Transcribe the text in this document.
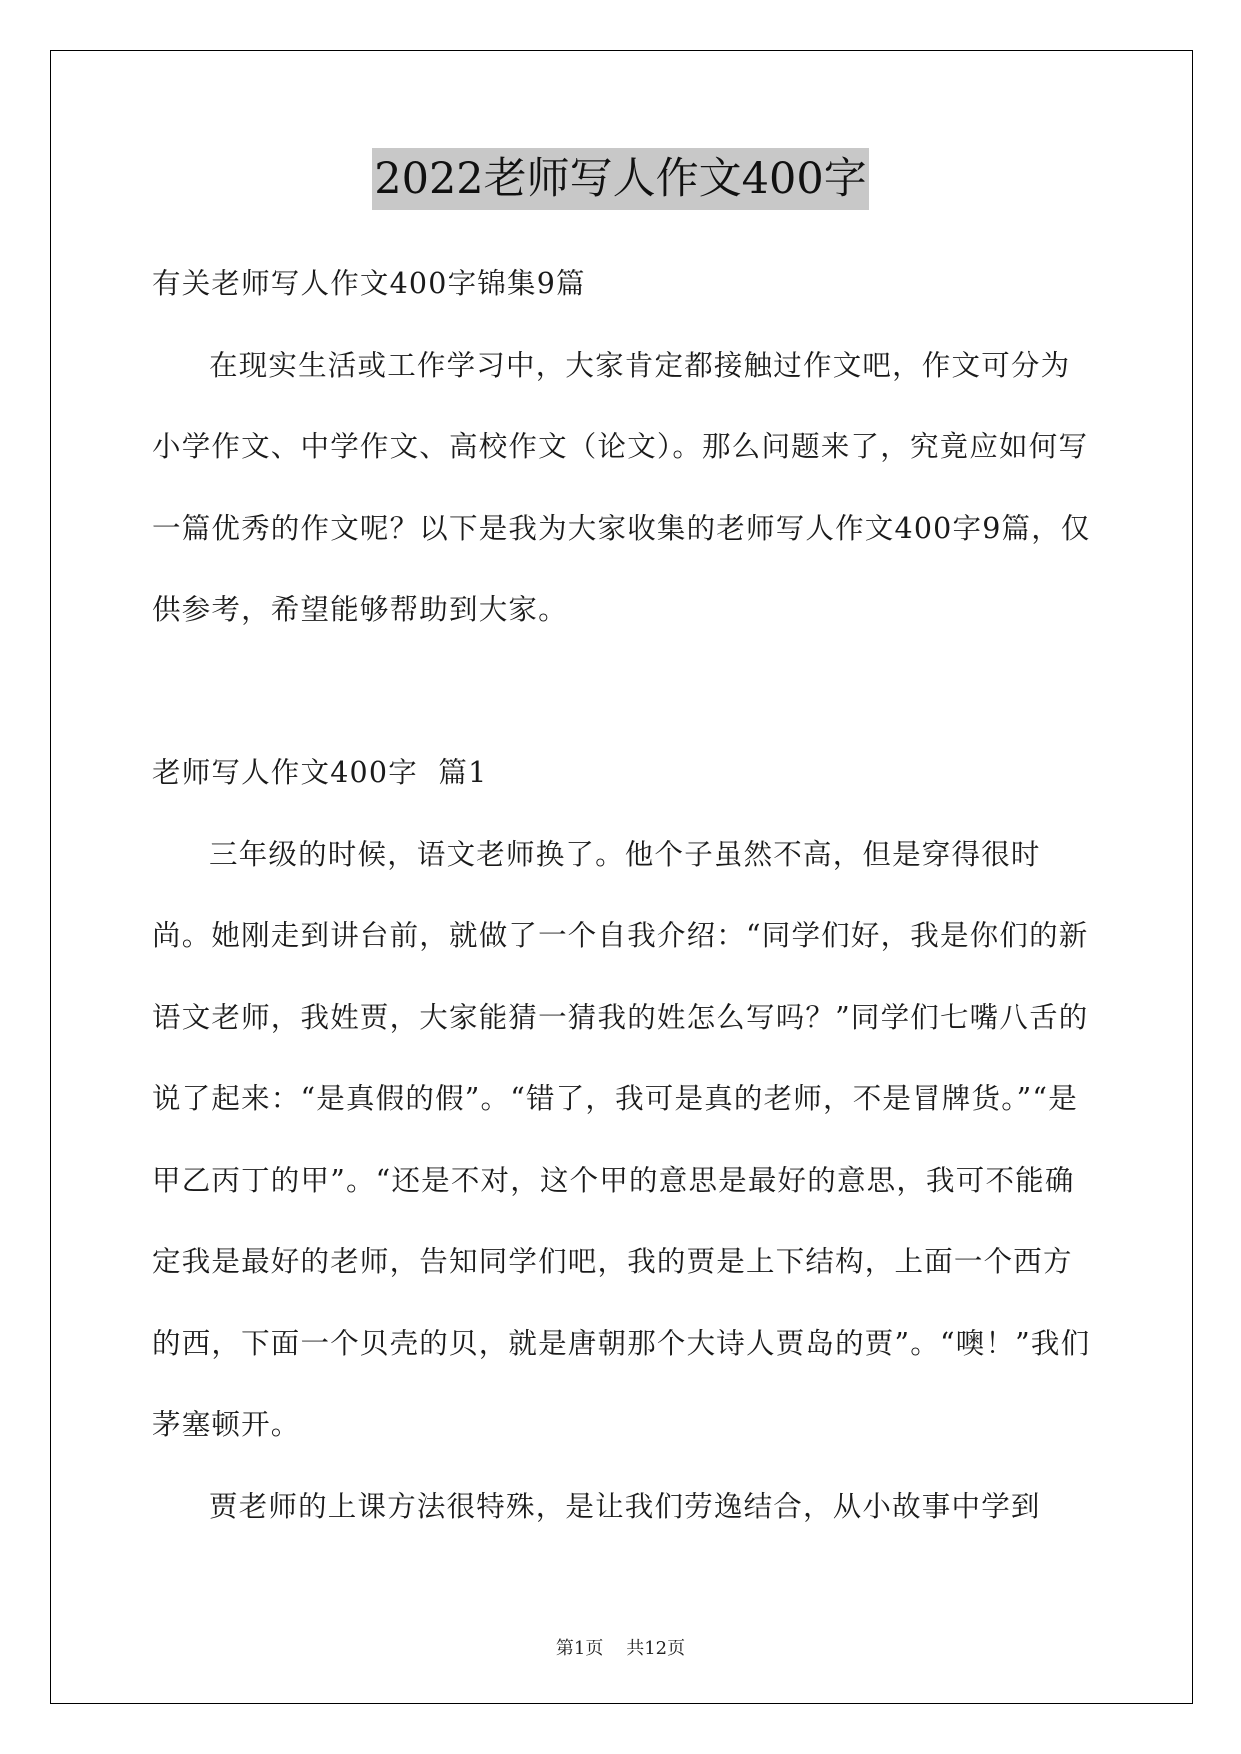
2022老师写人作文400字

有关老师写人作文400字锦集9篇

在现实生活或工作学习中，大家肯定都接触过作文吧，作文可分为小学作文、中学作文、高校作文（论文）。那么问题来了，究竟应如何写一篇优秀的作文呢？以下是我为大家收集的老师写人作文400字9篇，仅供参考，希望能够帮助到大家。

老师写人作文400字  篇1

三年级的时候，语文老师换了。他个子虽然不高，但是穿得很时尚。她刚走到讲台前，就做了一个自我介绍：“同学们好，我是你们的新语文老师，我姓贾，大家能猜一猜我的姓怎么写吗？”同学们七嘴八舌的说了起来：“是真假的假”。“错了，我可是真的老师，不是冒牌货。”“是甲乙丙丁的甲”。“还是不对，这个甲的意思是最好的意思，我可不能确定我是最好的老师，告知同学们吧，我的贾是上下结构，上面一个西方的西，下面一个贝壳的贝，就是唐朝那个大诗人贾岛的贾”。“噢！”我们茅塞顿开。

贾老师的上课方法很特殊，是让我们劳逸结合，从小故事中学到

第1页    共12页
